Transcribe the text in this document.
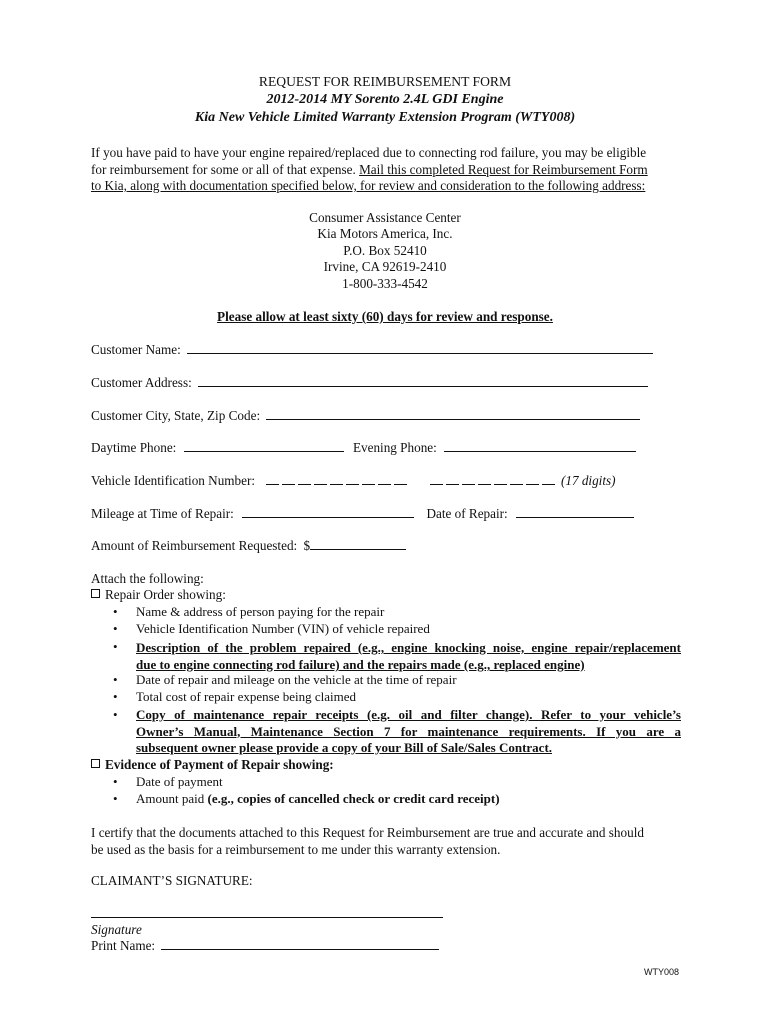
REQUEST FOR REIMBURSEMENT FORM
2012-2014 MY Sorento 2.4L GDI Engine
Kia New Vehicle Limited Warranty Extension Program (WTY008)
If you have paid to have your engine repaired/replaced due to connecting rod failure, you may be eligible
for reimbursement for some or all of that expense. Mail this completed Request for Reimbursement Form
to Kia, along with documentation specified below, for review and consideration to the following address:
Consumer Assistance Center
Kia Motors America, Inc.
P.O. Box 52410
Irvine, CA 92619-2410
1-800-333-4542
Please allow at least sixty (60) days for review and response.
Customer Name:
Customer Address:
Customer City, State, Zip Code:
Daytime Phone:	Evening Phone:
Vehicle Identification Number:	(17 digits)
Mileage at Time of Repair:	Date of Repair:
Amount of Reimbursement Requested: $
Attach the following:
Repair Order showing:
• Name & address of person paying for the repair
• Vehicle Identification Number (VIN) of vehicle repaired
• Description of the problem repaired (e.g., engine knocking noise, engine repair/replacement
due to engine connecting rod failure) and the repairs made (e.g., replaced engine)
• Date of repair and mileage on the vehicle at the time of repair
• Total cost of repair expense being claimed
• Copy of maintenance repair receipts (e.g. oil and filter change). Refer to your vehicle’s
Owner’s Manual, Maintenance Section 7 for maintenance requirements. If you are a
subsequent owner please provide a copy of your Bill of Sale/Sales Contract.
Evidence of Payment of Repair showing:
• Date of payment
• Amount paid (e.g., copies of cancelled check or credit card receipt)
I certify that the documents attached to this Request for Reimbursement are true and accurate and should
be used as the basis for a reimbursement to me under this warranty extension.
CLAIMANT’S SIGNATURE:
Signature
Print Name:
WTY008
